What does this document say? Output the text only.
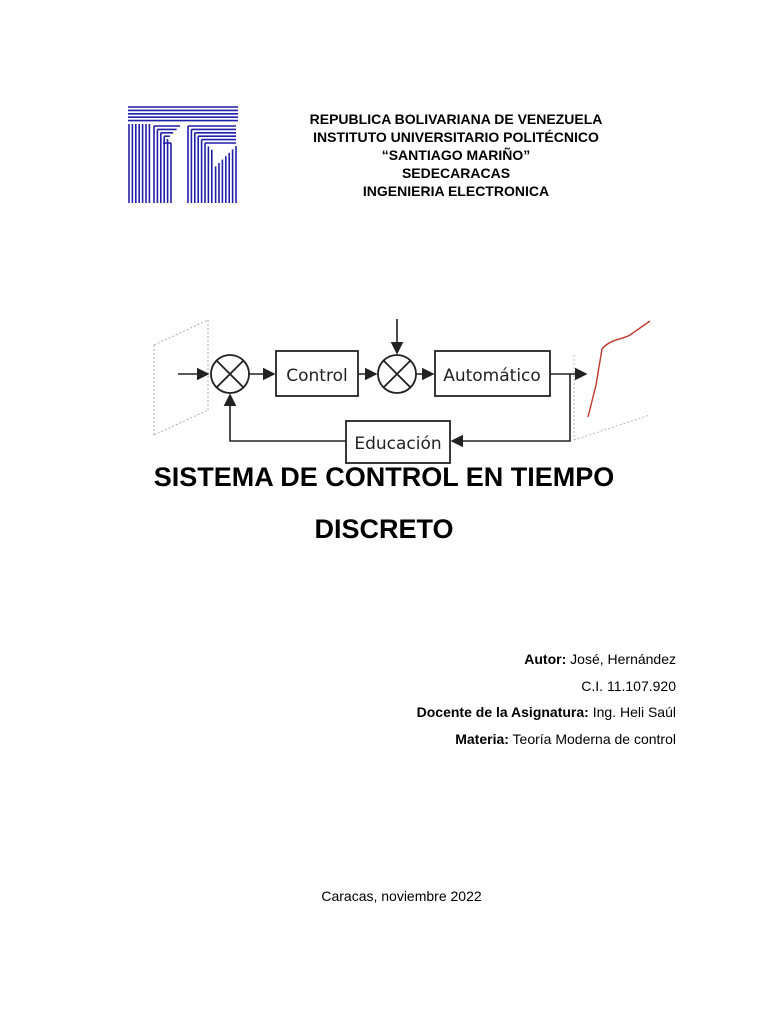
REPUBLICA BOLIVARIANA DE VENEZUELA
INSTITUTO UNIVERSITARIO POLITÉCNICO
“SANTIAGO MARIÑO”
SEDECARACAS
INGENIERIA ELECTRONICA
Control	Automático
Educación
SISTEMA DE CONTROL EN TIEMPO
DISCRETO
Autor: José, Hernández
C.I. 11.107.920
Docente de la Asignatura: Ing. Heli Saúl
Materia: Teoría Moderna de control
Caracas, noviembre 2022
